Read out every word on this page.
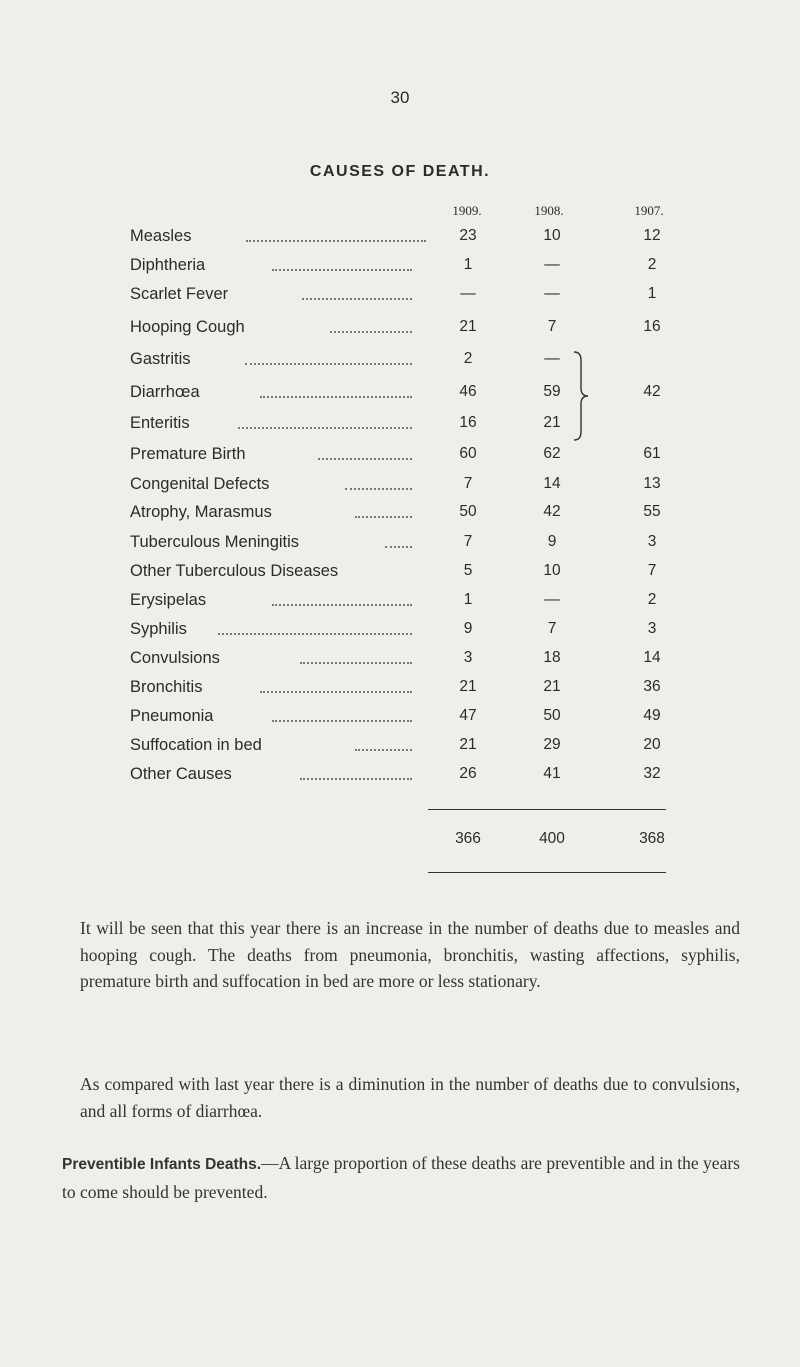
30
CAUSES OF DEATH.
1909.	1908.	1907.
Measles	23	10	12
Diphtheria	1	—	2
Scarlet Fever	—	—	1
Hooping Cough	21	7	16
Gastritis	2	—
Diarrhœa	46	59	42
Enteritis	16	21
Premature Birth	60	62	61
Congenital Defects	7	14	13
Atrophy, Marasmus	50	42	55
Tuberculous Meningitis	7	9	3
Other Tuberculous Diseases	5	10	7
Erysipelas	1	—	2
Syphilis	9	7	3
Convulsions	3	18	14
Bronchitis	21	21	36
Pneumonia	47	50	49
Suffocation in bed	21	29	20
Other Causes	26	41	32
366	400	368

It will be seen that this year there is an increase in the number of deaths due to measles and hooping cough. The deaths from pneumonia, bronchitis, wasting affections, syphilis, premature birth and suffocation in bed are more or less stationary.

As compared with last year there is a diminution in the number of deaths due to convulsions, and all forms of diarrhœa.

Preventible Infants Deaths.—A large proportion of these deaths are preventible and in the years to come should be prevented.
